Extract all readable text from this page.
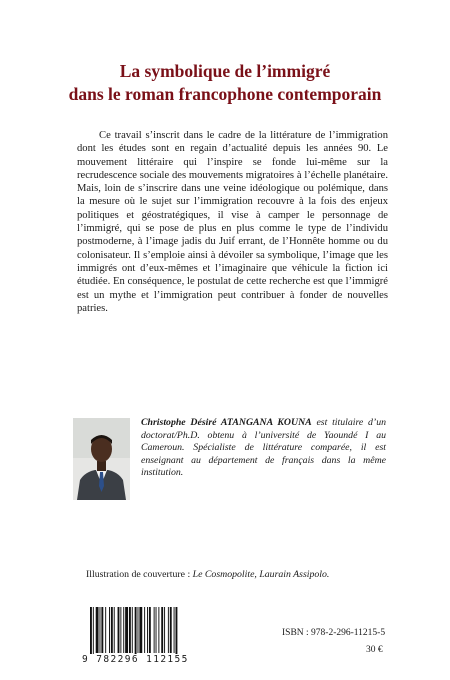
La symbolique de l’immigré
dans le roman francophone contemporain

Ce travail s’inscrit dans le cadre de la littérature de l’immigration dont les études sont en regain d’actualité depuis les années 90. Le mouvement littéraire qui l’inspire se fonde lui-même sur la recrudescence sociale des mouvements migratoires à l’échelle planétaire. Mais, loin de s’inscrire dans une veine idéologique ou polémique, dans la mesure où le sujet sur l’immigration recouvre à la fois des enjeux politiques et géostratégiques, il vise à camper le personnage de l’immigré, qui se pose de plus en plus comme le type de l’individu postmoderne, à l’image jadis du Juif errant, de l’Honnête homme ou du colonisateur. Il s’emploie ainsi à dévoiler sa symbolique, l’image que les immigrés ont d’eux-mêmes et l’imaginaire que véhicule la fiction ici étudiée. En conséquence, le postulat de cette recherche est que l’immigré est un mythe et l’immigration peut contribuer à fonder de nouvelles patries.

Christophe Désiré ATANGANA KOUNA est titulaire d’un doctorat/Ph.D. obtenu à l’université de Yaoundé I au Cameroun. Spécialiste de littérature comparée, il est enseignant au département de français dans la même institution.

Illustration de couverture : Le Cosmopolite, Laurain Assipolo.

9 782296 112155

ISBN : 978-2-296-11215-5

30 €
